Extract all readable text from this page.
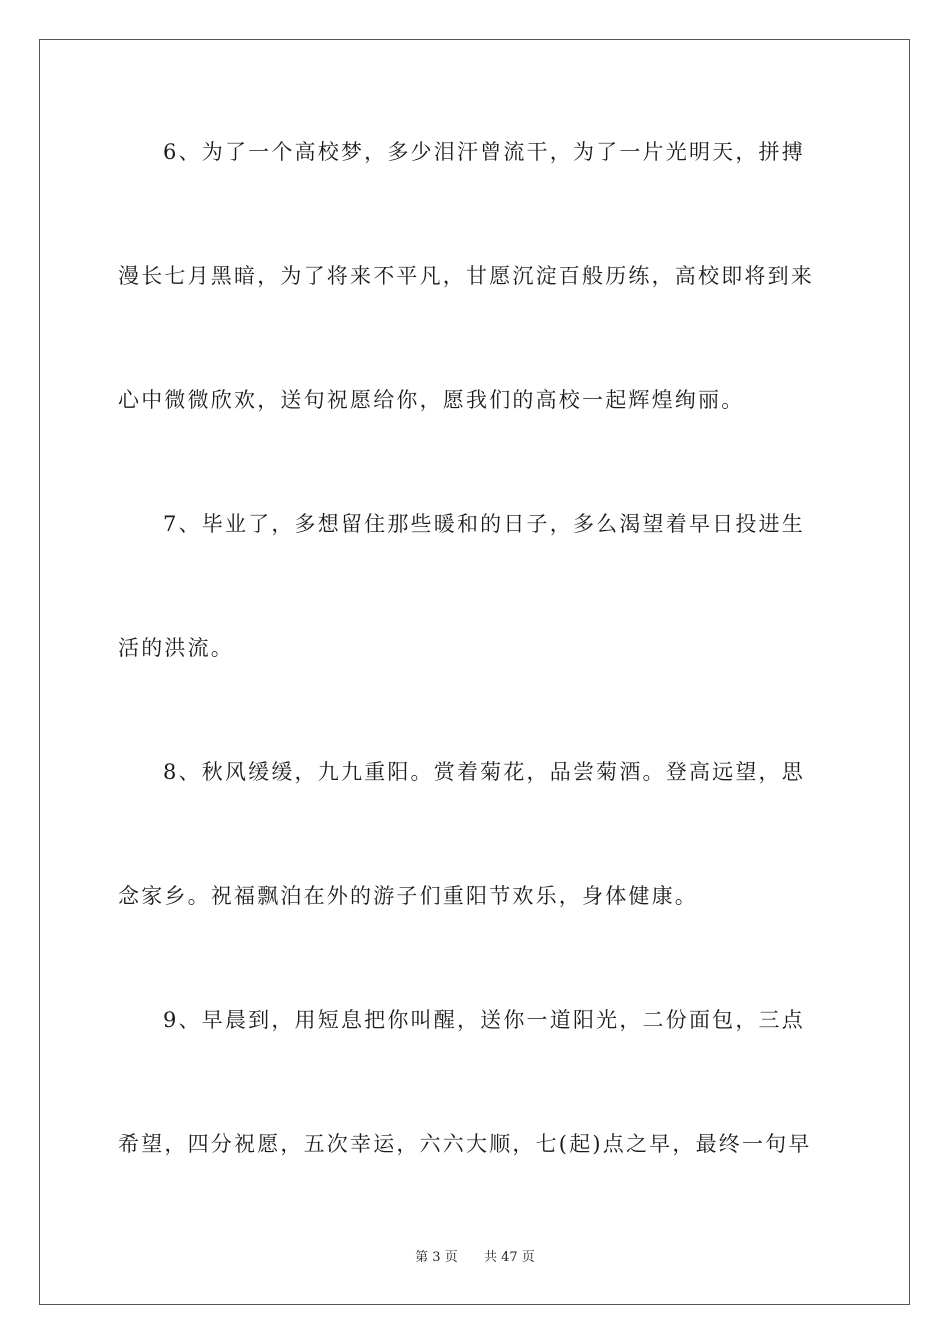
6、为了一个高校梦，多少泪汗曾流干，为了一片光明天，拼搏
漫长七月黑暗，为了将来不平凡，甘愿沉淀百般历练，高校即将到来
心中微微欣欢，送句祝愿给你，愿我们的高校一起辉煌绚丽。
7、毕业了，多想留住那些暖和的日子，多么渴望着早日投进生
活的洪流。
8、秋风缓缓，九九重阳。赏着菊花，品尝菊酒。登高远望，思
念家乡。祝福飘泊在外的游子们重阳节欢乐，身体健康。
9、早晨到，用短息把你叫醒，送你一道阳光，二份面包，三点
希望，四分祝愿，五次幸运，六六大顺，七(起)点之早，最终一句早
第 3 页 共 47 页
